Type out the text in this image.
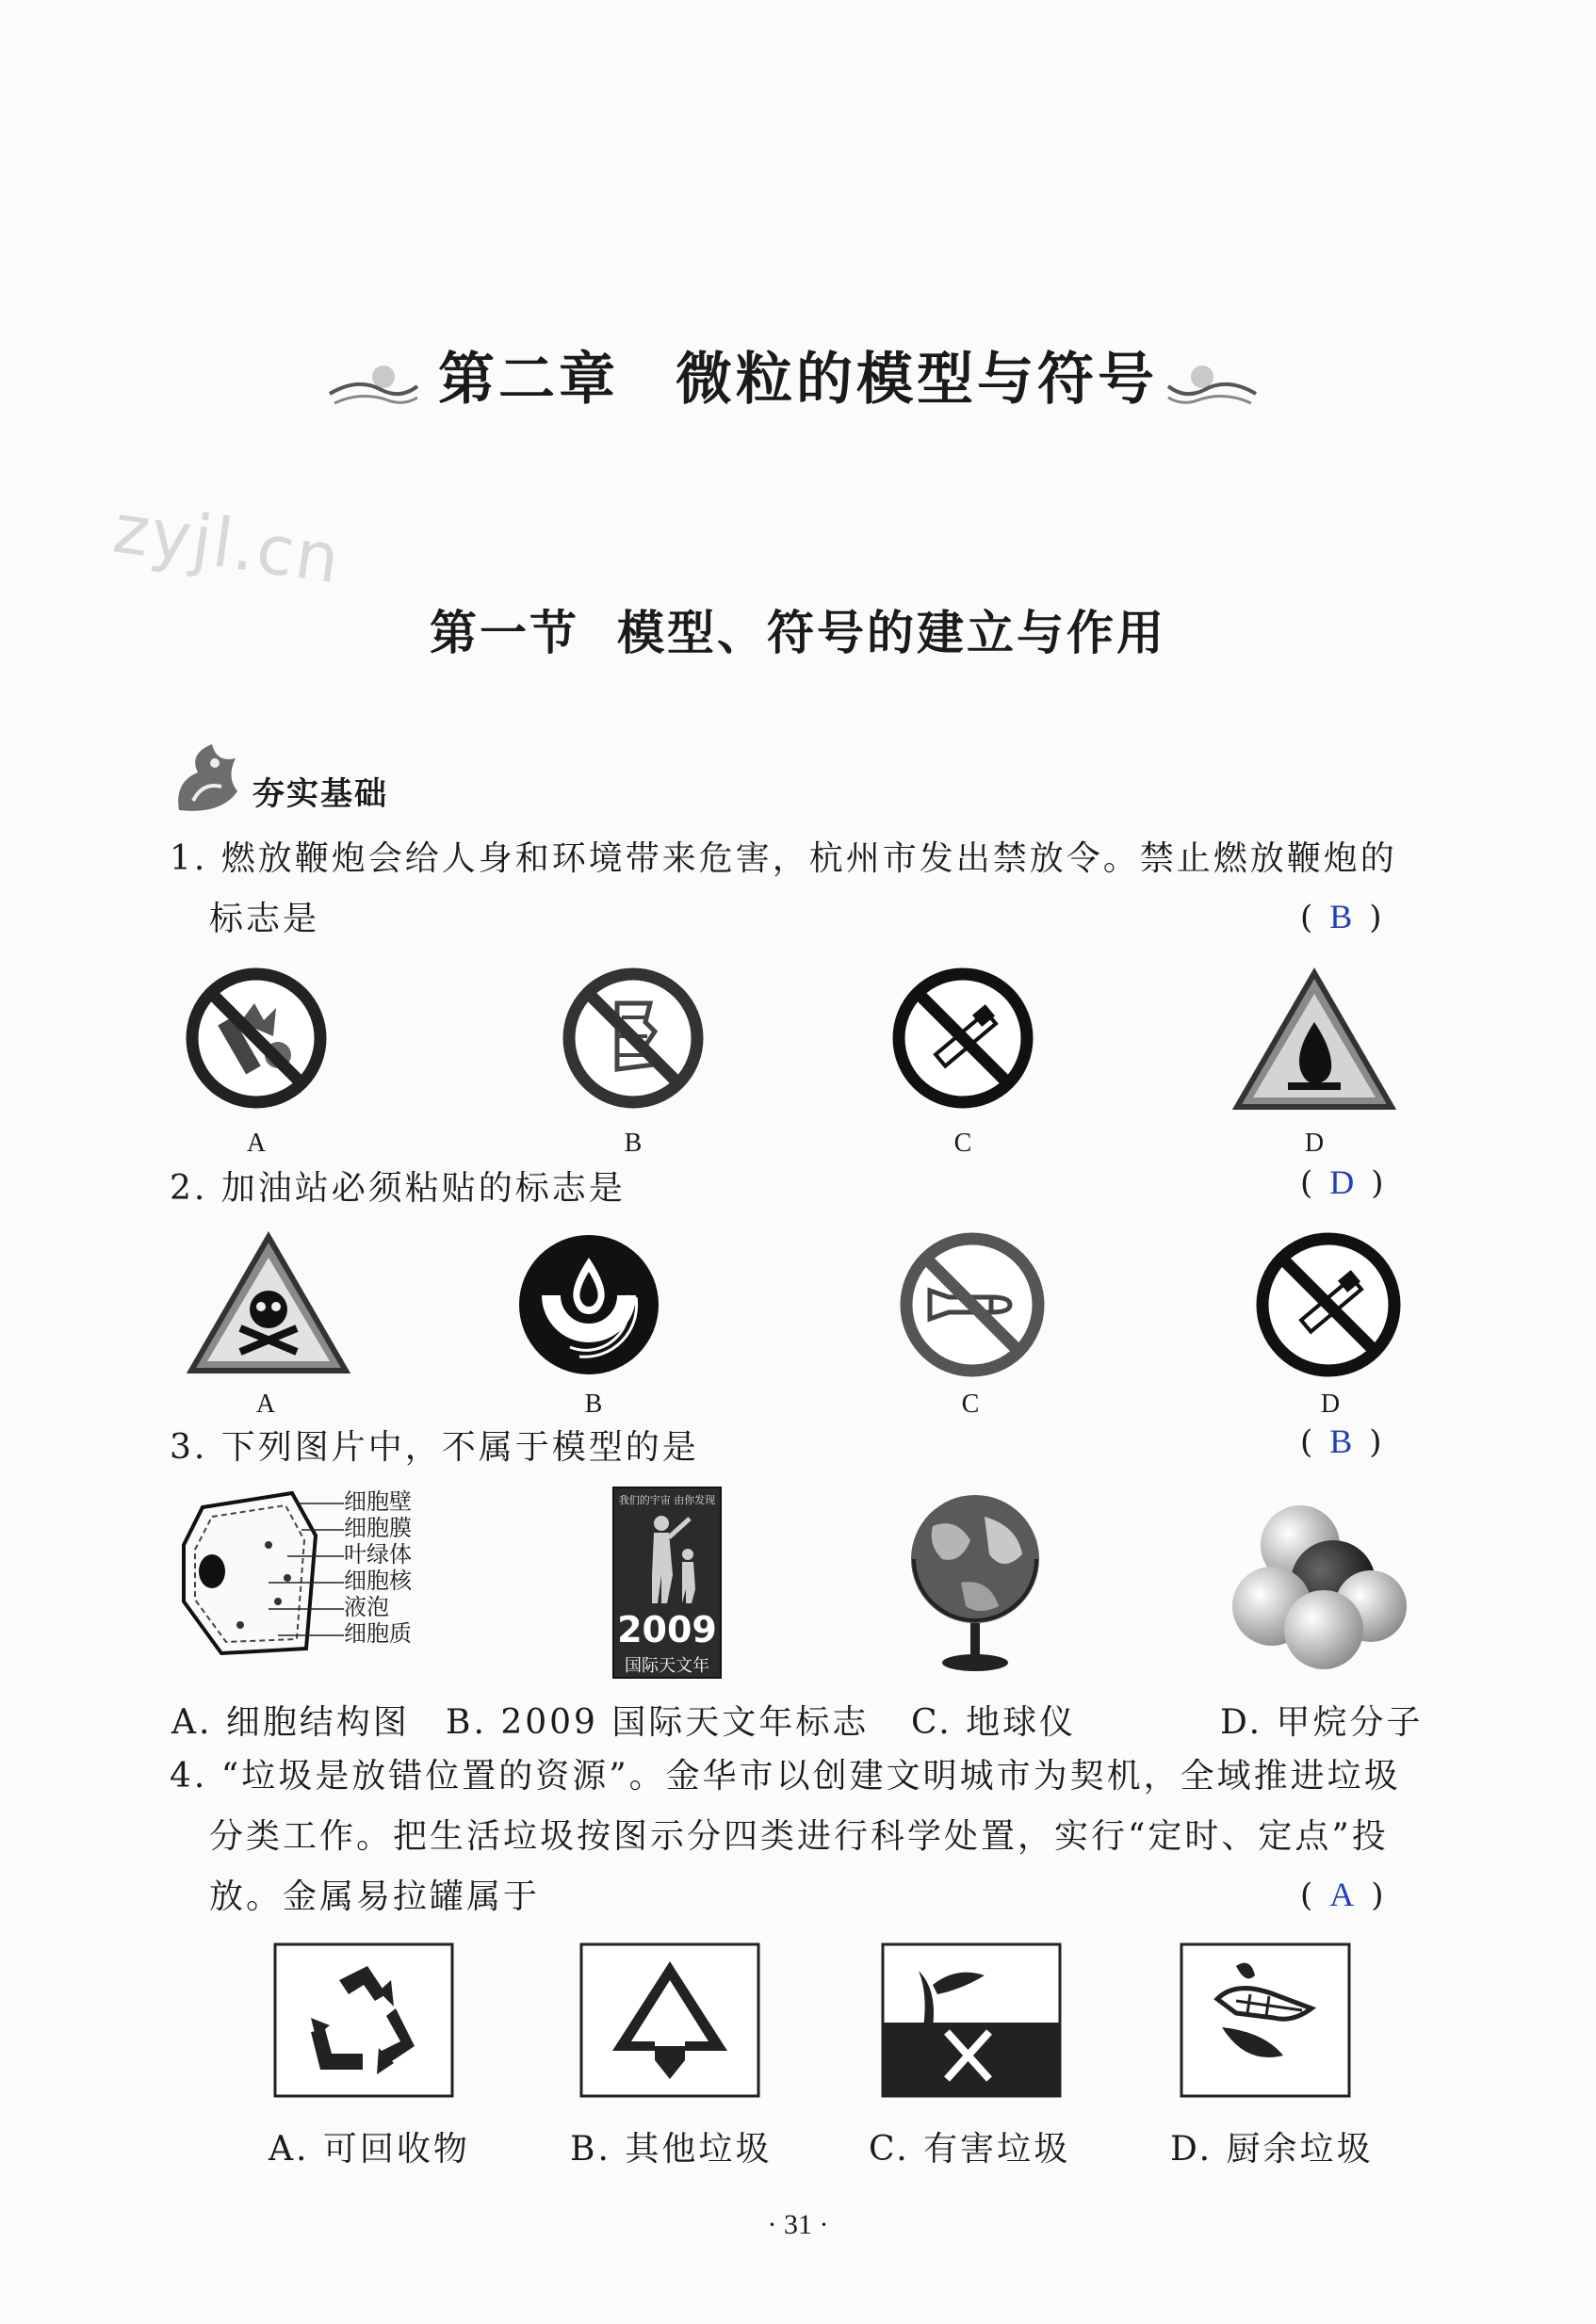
第二章 微粒的模型与符号
zyjl.cn
第一节 模型、符号的建立与作用
夯实基础
1. 燃放鞭炮会给人身和环境带来危害，杭州市发出禁放令。禁止燃放鞭炮的
标志是	( B )
A	B	C	D
2. 加油站必须粘贴的标志是	( D )
A	B	C	D
3. 下列图片中，不属于模型的是	( B )
细胞壁
细胞膜
叶绿体
细胞核
液泡
细胞质
我们的宇宙 由你发现
2009
国际天文年
A. 细胞结构图 B. 2009 国际天文年标志 C. 地球仪	D. 甲烷分子
4. “垃圾是放错位置的资源”。金华市以创建文明城市为契机，全域推进垃圾
分类工作。把生活垃圾按图示分四类进行科学处置，实行“定时、定点”投
放。金属易拉罐属于	( A )
A. 可回收物	B. 其他垃圾	C. 有害垃圾	D. 厨余垃圾
· 31 ·
